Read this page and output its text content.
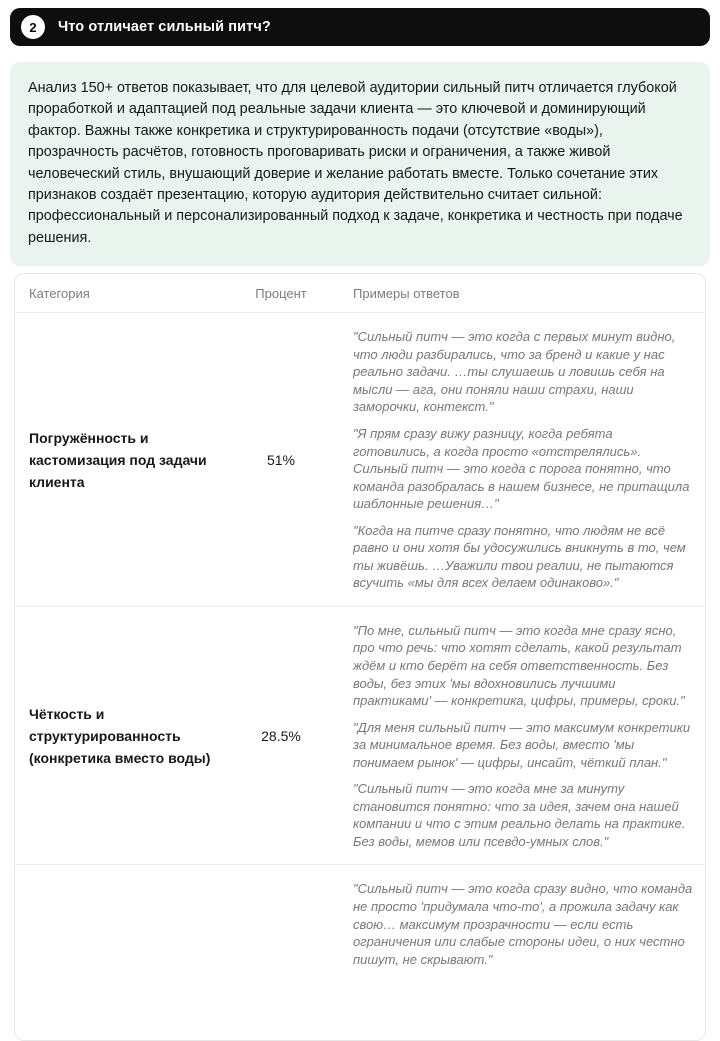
2	Что отличает сильный питч?

Анализ 150+ ответов показывает, что для целевой аудитории сильный питч отличается глубокой проработкой и адаптацией под реальные задачи клиента — это ключевой и доминирующий фактор. Важны также конкретика и структурированность подачи (отсутствие «воды»), прозрачность расчётов, готовность проговаривать риски и ограничения, а также живой человеческий стиль, внушающий доверие и желание работать вместе. Только сочетание этих признаков создаёт презентацию, которую аудитория действительно считает сильной: профессиональный и персонализированный подход к задаче, конкретика и честность при подаче решения.

Категория	Процент	Примеры ответов
Погружённость и кастомизация под задачи клиента	51%	"Сильный питч — это когда с первых минут видно, что люди разбирались, что за бренд и какие у нас реально задачи. …ты слушаешь и ловишь себя на мысли — ага, они поняли наши страхи, наши заморочки, контекст."

"Я прям сразу вижу разницу, когда ребята готовились, а когда просто «отстрелялись». Сильный питч — это когда с порога понятно, что команда разобралась в нашем бизнесе, не притащила шаблонные решения…"

"Когда на питче сразу понятно, что людям не всё равно и они хотя бы удосужились вникнуть в то, чем ты живёшь. …Уважили твои реалии, не пытаются всучить «мы для всех делаем одинаково»."

Чёткость и структурированность (конкретика вместо воды)	28.5%	"По мне, сильный питч — это когда мне сразу ясно, про что речь: что хотят сделать, какой результат ждём и кто берёт на себя ответственность. Без воды, без этих 'мы вдохновились лучшими практиками' — конкретика, цифры, примеры, сроки."

"Для меня сильный питч — это максимум конкретики за минимальное время. Без воды, вместо 'мы понимаем рынок' — цифры, инсайт, чёткий план."

"Сильный питч — это когда мне за минуту становится понятно: что за идея, зачем она нашей компании и что с этим реально делать на практике. Без воды, мемов или псевдо-умных слов."

		"Сильный питч — это когда сразу видно, что команда не просто 'придумала что-то', а прожила задачу как свою… максимум прозрачности — если есть ограничения или слабые стороны идеи, о них честно пишут, не скрывают."
